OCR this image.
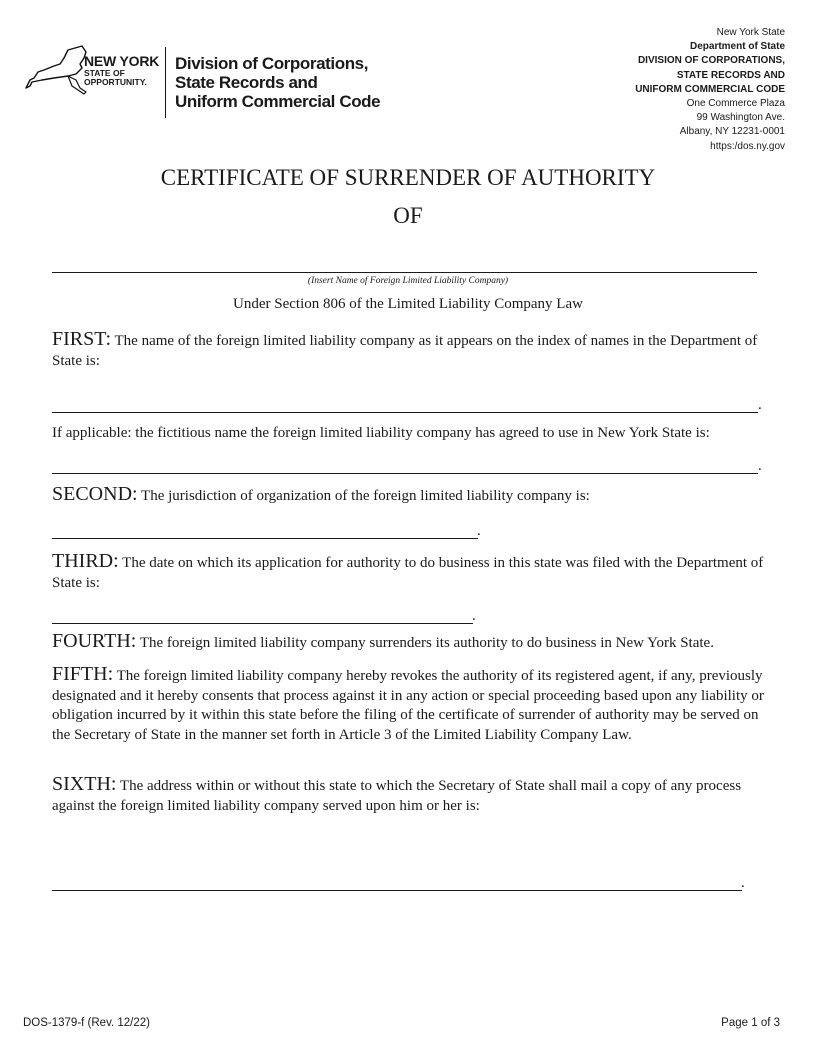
NEW YORK
STATE OF
OPPORTUNITY.
Division of Corporations,
State Records and
Uniform Commercial Code
New York State
Department of State
DIVISION OF CORPORATIONS,
STATE RECORDS AND
UNIFORM COMMERCIAL CODE
One Commerce Plaza
99 Washington Ave.
Albany, NY 12231-0001
https:/dos.ny.gov
CERTIFICATE OF SURRENDER OF AUTHORITY
OF
(Insert Name of Foreign Limited Liability Company)
Under Section 806 of the Limited Liability Company Law
FIRST: The name of the foreign limited liability company as it appears on the index of names in the Department of State is:
.
If applicable: the fictitious name the foreign limited liability company has agreed to use in New York State is:
.
SECOND: The jurisdiction of organization of the foreign limited liability company is:
.
THIRD: The date on which its application for authority to do business in this state was filed with the Department of State is:
.
FOURTH: The foreign limited liability company surrenders its authority to do business in New York State.
FIFTH: The foreign limited liability company hereby revokes the authority of its registered agent, if any, previously designated and it hereby consents that process against it in any action or special proceeding based upon any liability or obligation incurred by it within this state before the filing of the certificate of surrender of authority may be served on the Secretary of State in the manner set forth in Article 3 of the Limited Liability Company Law.
SIXTH: The address within or without this state to which the Secretary of State shall mail a copy of any process against the foreign limited liability company served upon him or her is:
.
DOS-1379-f (Rev. 12/22)	Page 1 of 3
